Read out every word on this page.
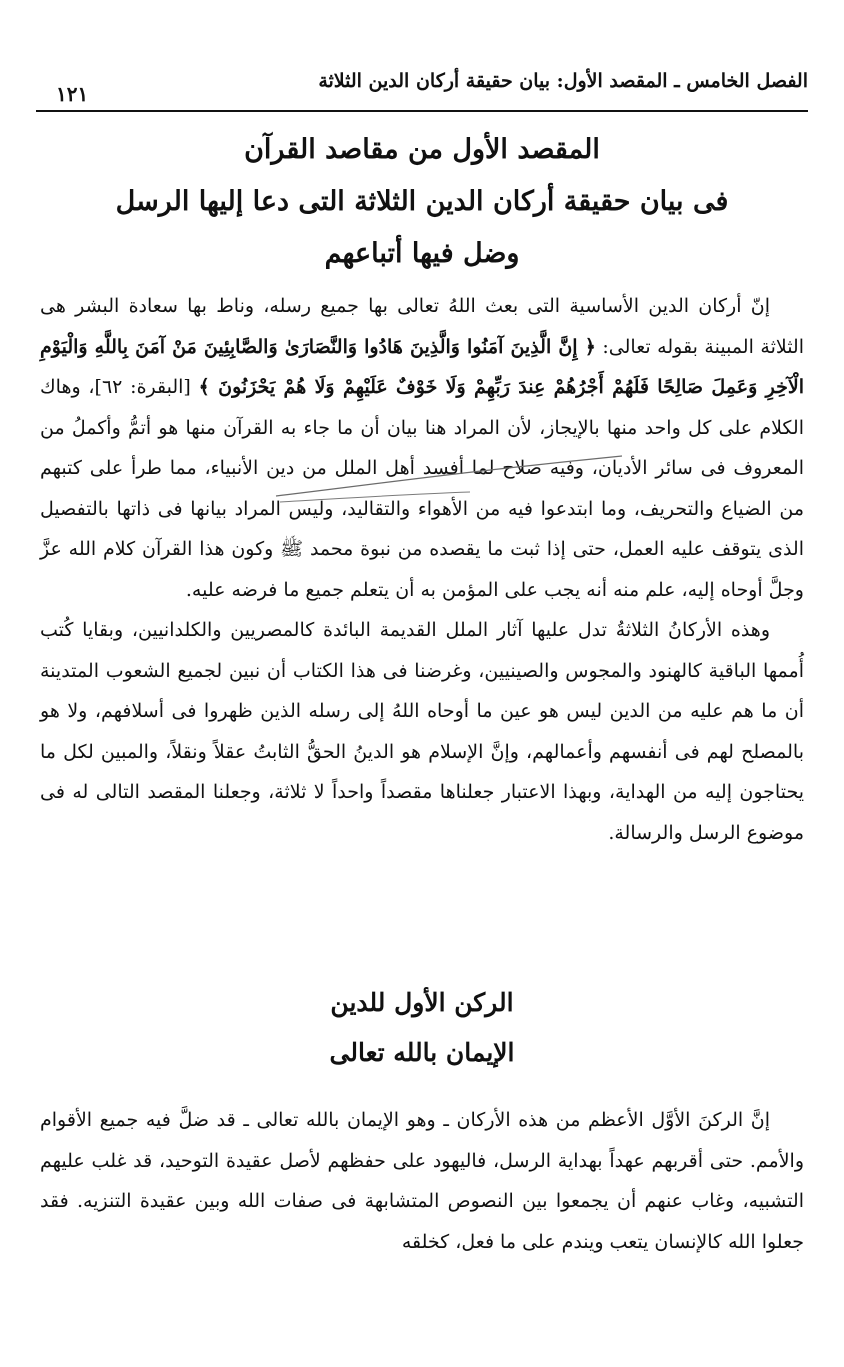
الفصل الخامس ـ المقصد الأول: بيان حقيقة أركان الدين الثلاثة
١٢١
المقصد الأول من مقاصد القرآن
فى بيان حقيقة أركان الدين الثلاثة التى دعا إليها الرسل
وضل فيها أتباعهم

إنّ أركان الدين الأساسية التى بعث اللهُ تعالى بها جميع رسله، وناط بها سعادة البشر هى الثلاثة المبينة بقوله تعالى: ﴿ إِنَّ الَّذِينَ آمَنُوا وَالَّذِينَ هَادُوا وَالنَّصَارَىٰ وَالصَّابِئِينَ مَنْ آمَنَ بِاللَّهِ وَالْيَوْمِ الْآخِرِ وَعَمِلَ صَالِحًا فَلَهُمْ أَجْرُهُمْ عِندَ رَبِّهِمْ وَلَا خَوْفٌ عَلَيْهِمْ وَلَا هُمْ يَحْزَنُونَ ﴾ [البقرة: ٦٢]، وهاك الكلام على كل واحد منها بالإيجاز، لأن المراد هنا بيان أن ما جاء به القرآن منها هو أتمُّ وأكملُ من المعروف فى سائر الأديان، وفيه صلاح لما أفسد أهل الملل من دين الأنبياء، مما طرأ على كتبهم من الضياع والتحريف، وما ابتدعوا فيه من الأهواء والتقاليد، وليس المراد بيانها فى ذاتها بالتفصيل الذى يتوقف عليه العمل، حتى إذا ثبت ما يقصده من نبوة محمد ﷺ وكون هذا القرآن كلام الله عزَّ وجلَّ أوحاه إليه، علم منه أنه يجب على المؤمن به أن يتعلم جميع ما فرضه عليه.

وهذه الأركانُ الثلاثةُ تدل عليها آثار الملل القديمة البائدة كالمصريين والكلدانيين، وبقايا كُتب أُممها الباقية كالهنود والمجوس والصينيين، وغرضنا فى هذا الكتاب أن نبين لجميع الشعوب المتدينة أن ما هم عليه من الدين ليس هو عين ما أوحاه اللهُ إلى رسله الذين ظهروا فى أسلافهم، ولا هو بالمصلح لهم فى أنفسهم وأعمالهم، وإنَّ الإسلام هو الدينُ الحقُّ الثابتُ عقلاً ونقلاً، والمبين لكل ما يحتاجون إليه من الهداية، وبهذا الاعتبار جعلناها مقصداً واحداً لا ثلاثة، وجعلنا المقصد التالى له فى موضوع الرسل والرسالة.

الركن الأول للدين
الإيمان بالله تعالى

إنَّ الركنَ الأوَّل الأعظم من هذه الأركان ـ وهو الإيمان بالله تعالى ـ قد ضلَّ فيه جميع الأقوام والأمم. حتى أقربهم عهداً بهداية الرسل، فاليهود على حفظهم لأصل عقيدة التوحيد، قد غلب عليهم التشبيه، وغاب عنهم أن يجمعوا بين النصوص المتشابهة فى صفات الله وبين عقيدة التنزيه. فقد جعلوا الله كالإنسان يتعب ويندم على ما فعل، كخلقه
